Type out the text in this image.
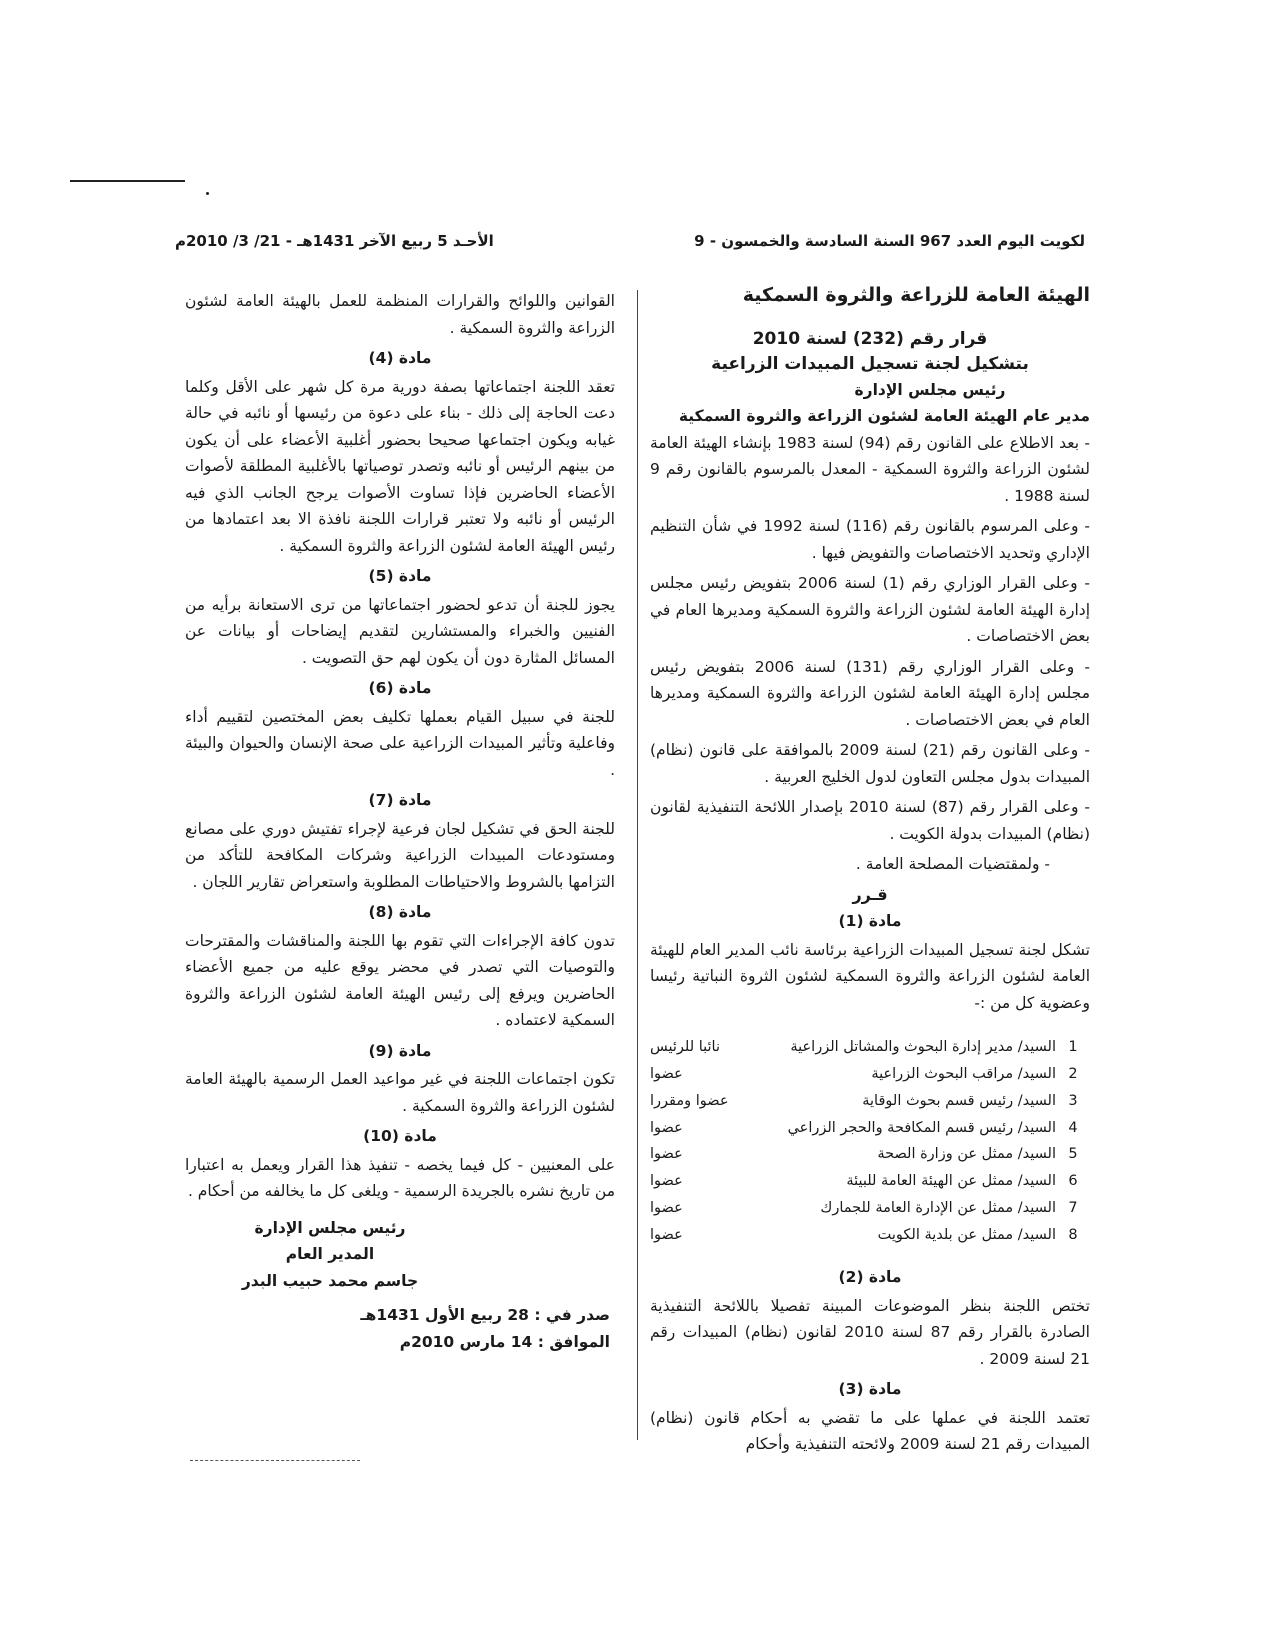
لكويت اليوم العدد 967 السنة السادسة والخمسون - 9
الأحـد 5 ربيع الآخر 1431هـ - 21/ 3/ 2010م
الهيئة العامة للزراعة والثروة السمكية
قرار رقم (232) لسنة 2010
بتشكيل لجنة تسجيل المبيدات الزراعية
رئيس مجلس الإدارة
مدير عام الهيئة العامة لشئون الزراعة والثروة السمكية

- بعد الاطلاع على القانون رقم (94) لسنة 1983 بإنشاء الهيئة العامة لشئون الزراعة والثروة السمكية - المعدل بالمرسوم بالقانون رقم 9 لسنة 1988 .

- وعلى المرسوم بالقانون رقم (116) لسنة 1992 في شأن التنظيم الإداري وتحديد الاختصاصات والتفويض فيها .

- وعلى القرار الوزاري رقم (1) لسنة 2006 بتفويض رئيس مجلس إدارة الهيئة العامة لشئون الزراعة والثروة السمكية ومديرها العام في بعض الاختصاصات .

- وعلى القرار الوزاري رقم (131) لسنة 2006 بتفويض رئيس مجلس إدارة الهيئة العامة لشئون الزراعة والثروة السمكية ومديرها العام في بعض الاختصاصات .

- وعلى القانون رقم (21) لسنة 2009 بالموافقة على قانون (نظام) المبيدات بدول مجلس التعاون لدول الخليج العربية .

- وعلى القرار رقم (87) لسنة 2010 بإصدار اللائحة التنفيذية لقانون (نظام) المبيدات بدولة الكويت .

- ولمقتضيات المصلحة العامة .

قـرر
مادة (1)

تشكل لجنة تسجيل المبيدات الزراعية برئاسة نائب المدير العام للهيئة العامة لشئون الزراعة والثروة السمكية لشئون الثروة النباتية رئيسا وعضوية كل من :-

1	السيد/ مدير إدارة البحوث والمشاتل الزراعية	نائبا للرئيس
2	السيد/ مراقب البحوث الزراعية	عضوا
3	السيد/ رئيس قسم بحوث الوقاية	عضوا ومقررا
4	السيد/ رئيس قسم المكافحة والحجر الزراعي	عضوا
5	السيد/ ممثل عن وزارة الصحة	عضوا
6	السيد/ ممثل عن الهيئة العامة للبيئة	عضوا
7	السيد/ ممثل عن الإدارة العامة للجمارك	عضوا
8	السيد/ ممثل عن بلدية الكويت	عضوا
مادة (2)

تختص اللجنة بنظر الموضوعات المبينة تفصيلا باللائحة التنفيذية الصادرة بالقرار رقم 87 لسنة 2010 لقانون (نظام) المبيدات رقم 21 لسنة 2009 .

مادة (3)

تعتمد اللجنة في عملها على ما تقضي به أحكام قانون (نظام) المبيدات رقم 21 لسنة 2009 ولائحته التنفيذية وأحكام

القوانين واللوائح والقرارات المنظمة للعمل بالهيئة العامة لشئون الزراعة والثروة السمكية .

مادة (4)

تعقد اللجنة اجتماعاتها بصفة دورية مرة كل شهر على الأقل وكلما دعت الحاجة إلى ذلك - بناء على دعوة من رئيسها أو نائبه في حالة غيابه ويكون اجتماعها صحيحا بحضور أغلبية الأعضاء على أن يكون من بينهم الرئيس أو نائبه وتصدر توصياتها بالأغلبية المطلقة لأصوات الأعضاء الحاضرين فإذا تساوت الأصوات يرجح الجانب الذي فيه الرئيس أو نائبه ولا تعتبر قرارات اللجنة نافذة الا بعد اعتمادها من رئيس الهيئة العامة لشئون الزراعة والثروة السمكية .

مادة (5)

يجوز للجنة أن تدعو لحضور اجتماعاتها من ترى الاستعانة برأيه من الفنيين والخبراء والمستشارين لتقديم إيضاحات أو بيانات عن المسائل المثارة دون أن يكون لهم حق التصويت .

مادة (6)

للجنة في سبيل القيام بعملها تكليف بعض المختصين لتقييم أداء وفاعلية وتأثير المبيدات الزراعية على صحة الإنسان والحيوان والبيئة .

مادة (7)

للجنة الحق في تشكيل لجان فرعية لإجراء تفتيش دوري على مصانع ومستودعات المبيدات الزراعية وشركات المكافحة للتأكد من التزامها بالشروط والاحتياطات المطلوبة واستعراض تقارير اللجان .

مادة (8)

تدون كافة الإجراءات التي تقوم بها اللجنة والمناقشات والمقترحات والتوصيات التي تصدر في محضر يوقع عليه من جميع الأعضاء الحاضرين ويرفع إلى رئيس الهيئة العامة لشئون الزراعة والثروة السمكية لاعتماده .

مادة (9)

تكون اجتماعات اللجنة في غير مواعيد العمل الرسمية بالهيئة العامة لشئون الزراعة والثروة السمكية .

مادة (10)

على المعنيين - كل فيما يخصه - تنفيذ هذا القرار ويعمل به اعتبارا من تاريخ نشره بالجريدة الرسمية - ويلغى كل ما يخالفه من أحكام .

رئيس مجلس الإدارة
المدير العام
جاسم محمد حبيب البدر
صدر في : 28 ربيع الأول 1431هـ
الموافق : 14 مارس 2010م
